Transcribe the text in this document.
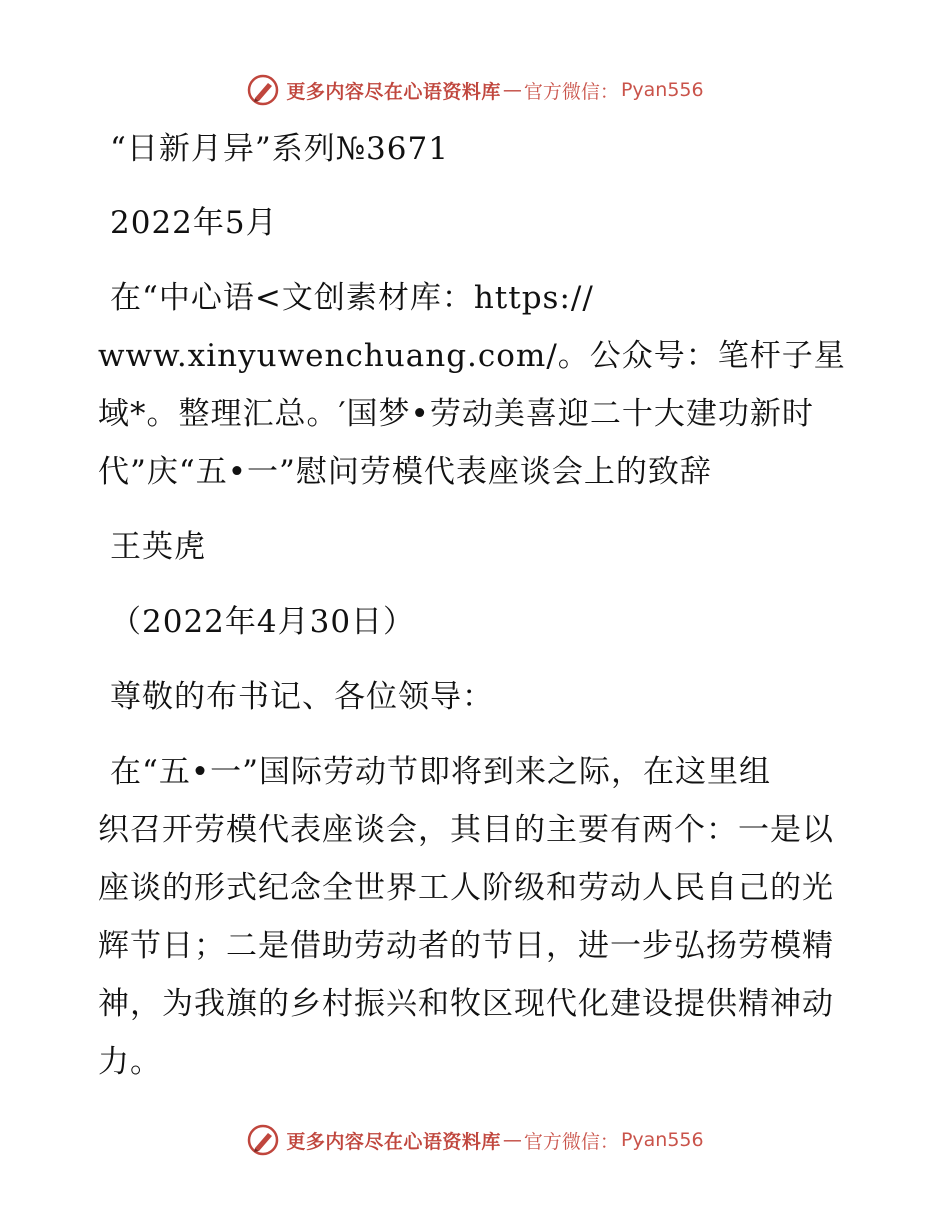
更多内容尽在心语资料库 — 官方微信： Pyan556
“日新月异”系列№3671
2022年5月
在“中心语<文创素材库：https://
www.xinyuwenchuang.com/。公众号：笔杆子星域*。整理汇总。′国梦•劳动美喜迎二十大建功新时代”庆“五•一”慰问劳模代表座谈会上的致辞
王英虎
（2022年4月30日）
尊敬的布书记、各位领导：
在“五•一”国际劳动节即将到来之际，在这里组
织召开劳模代表座谈会，其目的主要有两个：一是以座谈的形式纪念全世界工人阶级和劳动人民自己的光辉节日；二是借助劳动者的节日，进一步弘扬劳模精神，为我旗的乡村振兴和牧区现代化建设提供精神动力。
更多内容尽在心语资料库 — 官方微信： Pyan556
